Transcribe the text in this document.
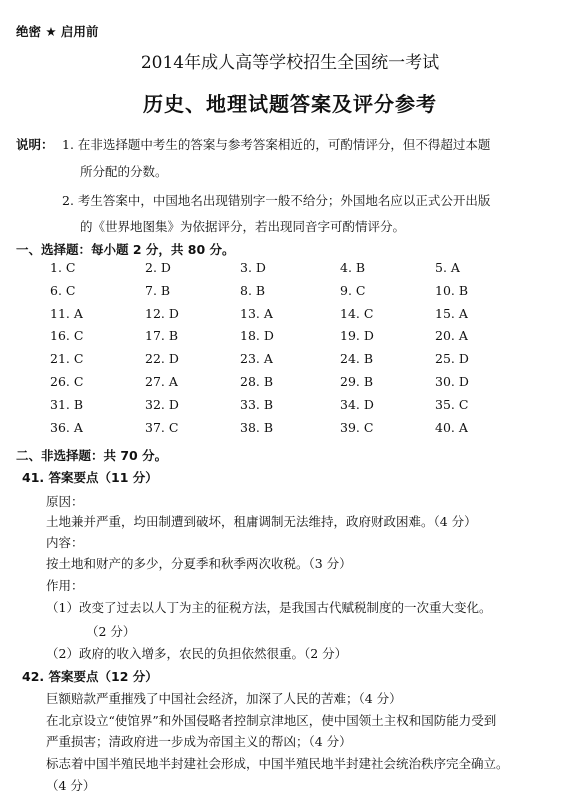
绝密 ★ 启用前
2014年成人高等学校招生全国统一考试
历史、地理试题答案及评分参考
说明： 1. 在非选择题中考生的答案与参考答案相近的，可酌情评分，但不得超过本题
所分配的分数。
2. 考生答案中，中国地名出现错别字一般不给分；外国地名应以正式公开出版
的《世界地图集》为依据评分，若出现同音字可酌情评分。
一、选择题：每小题 2 分，共 80 分。
1. C	2. D	3. D	4. B	5. A
6. C	7. B	8. B	9. C	10. B
11. A	12. D	13. A	14. C	15. A
16. C	17. B	18. D	19. D	20. A
21. C	22. D	23. A	24. B	25. D
26. C	27. A	28. B	29. B	30. D
31. B	32. D	33. B	34. D	35. C
36. A	37. C	38. B	39. C	40. A
二、非选择题：共 70 分。
41. 答案要点（11 分）
原因：
土地兼并严重，均田制遭到破坏，租庸调制无法维持，政府财政困难。（4 分）
内容：
按土地和财产的多少，分夏季和秋季两次收税。（3 分）
作用：
（1）改变了过去以人丁为主的征税方法，是我国古代赋税制度的一次重大变化。
（2 分）
（2）政府的收入增多，农民的负担依然很重。（2 分）
42. 答案要点（12 分）
巨额赔款严重摧残了中国社会经济，加深了人民的苦难；（4 分）
在北京设立“使馆界”和外国侵略者控制京津地区，使中国领土主权和国防能力受到
严重损害；清政府进一步成为帝国主义的帮凶；（4 分）
标志着中国半殖民地半封建社会形成，中国半殖民地半封建社会统治秩序完全确立。
（4 分）
